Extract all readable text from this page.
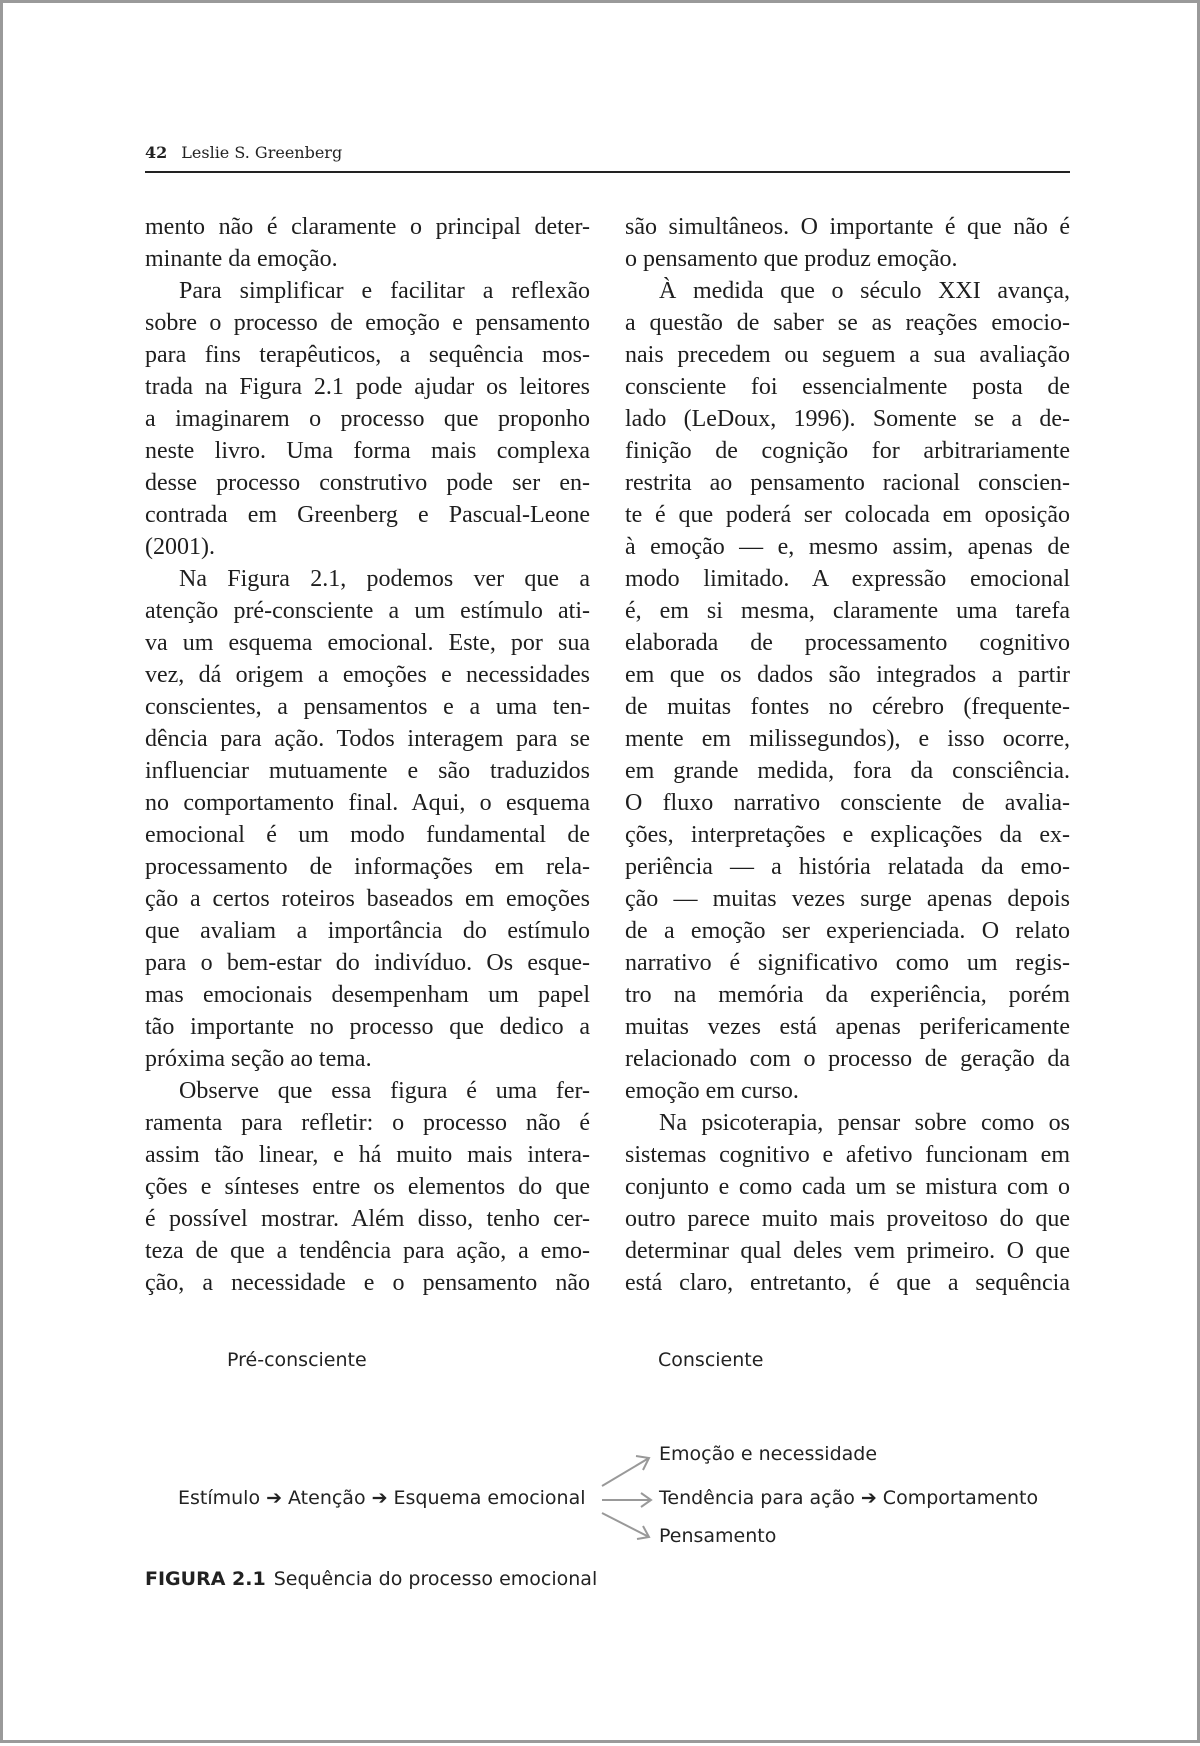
42 Leslie S. Greenberg
mento não é claramente o principal deter-
minante da emoção.
Para simplificar e facilitar a reflexão
sobre o processo de emoção e pensamento
para fins terapêuticos, a sequência mos-
trada na Figura 2.1 pode ajudar os leitores
a imaginarem o processo que proponho
neste livro. Uma forma mais complexa
desse processo construtivo pode ser en-
contrada em Greenberg e Pascual-Leone
(2001).
Na Figura 2.1, podemos ver que a
atenção pré-consciente a um estímulo ati-
va um esquema emocional. Este, por sua
vez, dá origem a emoções e necessidades
conscientes, a pensamentos e a uma ten-
dência para ação. Todos interagem para se
influenciar mutuamente e são traduzidos
no comportamento final. Aqui, o esquema
emocional é um modo fundamental de
processamento de informações em rela-
ção a certos roteiros baseados em emoções
que avaliam a importância do estímulo
para o bem-estar do indivíduo. Os esque-
mas emocionais desempenham um papel
tão importante no processo que dedico a
próxima seção ao tema.
Observe que essa figura é uma fer-
ramenta para refletir: o processo não é
assim tão linear, e há muito mais intera-
ções e sínteses entre os elementos do que
é possível mostrar. Além disso, tenho cer-
teza de que a tendência para ação, a emo-
ção, a necessidade e o pensamento não
são simultâneos. O importante é que não é
o pensamento que produz emoção.
À medida que o século XXI avança,
a questão de saber se as reações emocio-
nais precedem ou seguem a sua avaliação
consciente foi essencialmente posta de
lado (LeDoux, 1996). Somente se a de-
finição de cognição for arbitrariamente
restrita ao pensamento racional conscien-
te é que poderá ser colocada em oposição
à emoção — e, mesmo assim, apenas de
modo limitado. A expressão emocional
é, em si mesma, claramente uma tarefa
elaborada de processamento cognitivo
em que os dados são integrados a partir
de muitas fontes no cérebro (frequente-
mente em milissegundos), e isso ocorre,
em grande medida, fora da consciência.
O fluxo narrativo consciente de avalia-
ções, interpretações e explicações da ex-
periência — a história relatada da emo-
ção — muitas vezes surge apenas depois
de a emoção ser experienciada. O relato
narrativo é significativo como um regis-
tro na memória da experiência, porém
muitas vezes está apenas perifericamente
relacionado com o processo de geração da
emoção em curso.
Na psicoterapia, pensar sobre como os
sistemas cognitivo e afetivo funcionam em
conjunto e como cada um se mistura com o
outro parece muito mais proveitoso do que
determinar qual deles vem primeiro. O que
está claro, entretanto, é que a sequência
Pré-consciente	Consciente
Estímulo ➔ Atenção ➔ Esquema emocional
Emoção e necessidade
Tendência para ação ➔ Comportamento
Pensamento
FIGURA 2.1 Sequência do processo emocional
